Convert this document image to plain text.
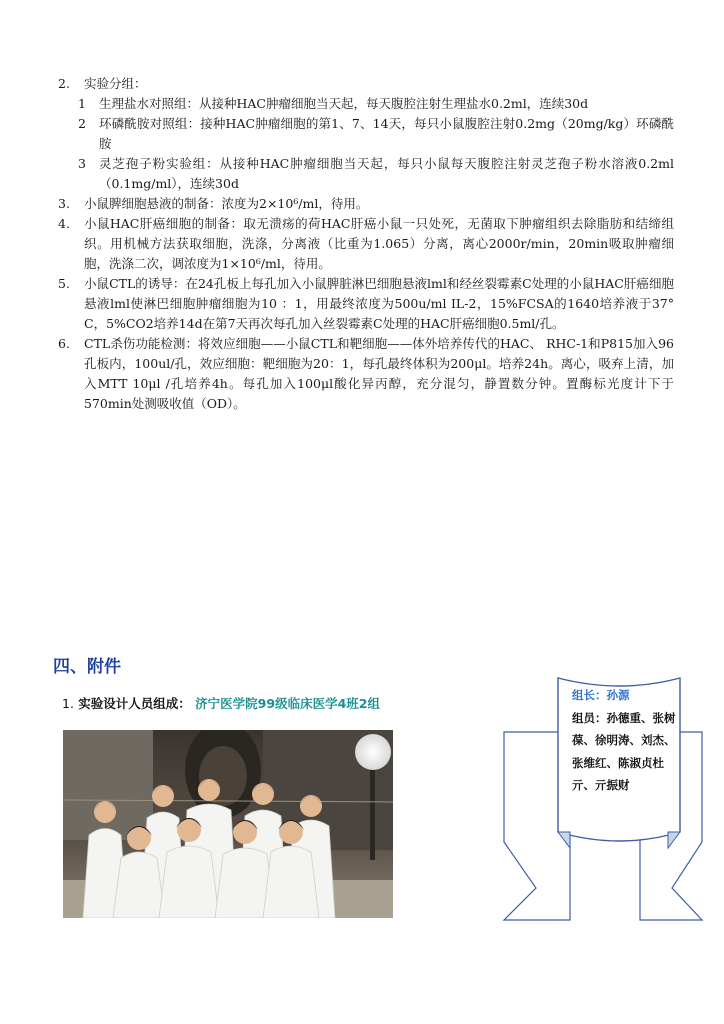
2.	实验分组：
1	生理盐水对照组：从接种HAC肿瘤细胞当天起，每天腹腔注射生理盐水0.2ml，连续30d
2	环磷酰胺对照组：接种HAC肿瘤细胞的第1、7、14天，每只小鼠腹腔注射0.2mg（20mg/kg）环磷酰胺
3	灵芝孢子粉实验组：从接种HAC肿瘤细胞当天起，每只小鼠每天腹腔注射灵芝孢子粉水溶液0.2ml（0.1mg/ml），连续30d
3.	小鼠脾细胞悬液的制备：浓度为2×10⁶/ml，待用。
4.	小鼠HAC肝癌细胞的制备：取无溃疡的荷HAC肝癌小鼠一只处死，无菌取下肿瘤组织去除脂肪和结缔组织。用机械方法获取细胞，洗涤，分离液（比重为1.065）分离，离心2000r/min，20min吸取肿瘤细胞，洗涤二次，调浓度为1×10⁶/ml，待用。
5.	小鼠CTL的诱导：在24孔板上每孔加入小鼠脾脏淋巴细胞悬液lml和经丝裂霉素C处理的小鼠HAC肝癌细胞悬液lml使淋巴细胞肿瘤细胞为10 ：1，用最终浓度为500u/ml IL-2，15%FCSA的1640培养液于37° C，5%CO2培养14d在第7天再次每孔加入丝裂霉素C处理的HAC肝癌细胞0.5ml/孔。
6.	CTL杀伤功能检测：将效应细胞——小鼠CTL和靶细胞——体外培养传代的HAC、 RHC-1和P815加入96孔板内，100ul/孔，效应细胞：靶细胞为20：1，每孔最终体积为200μl。培养24h。离心，吸弃上清，加入MTT 10μl /孔培养4h。每孔加入100μl酸化异丙醇，充分混匀，静置数分钟。置酶标光度计下于570min处测吸收值（OD）。
四、附件
1. 实验设计人员组成： 济宁医学院99级临床医学4班2组
组长：孙源
组员：孙德重、张树葆、徐明涛、刘杰、张维红、陈淑贞杜亓、亓振财
